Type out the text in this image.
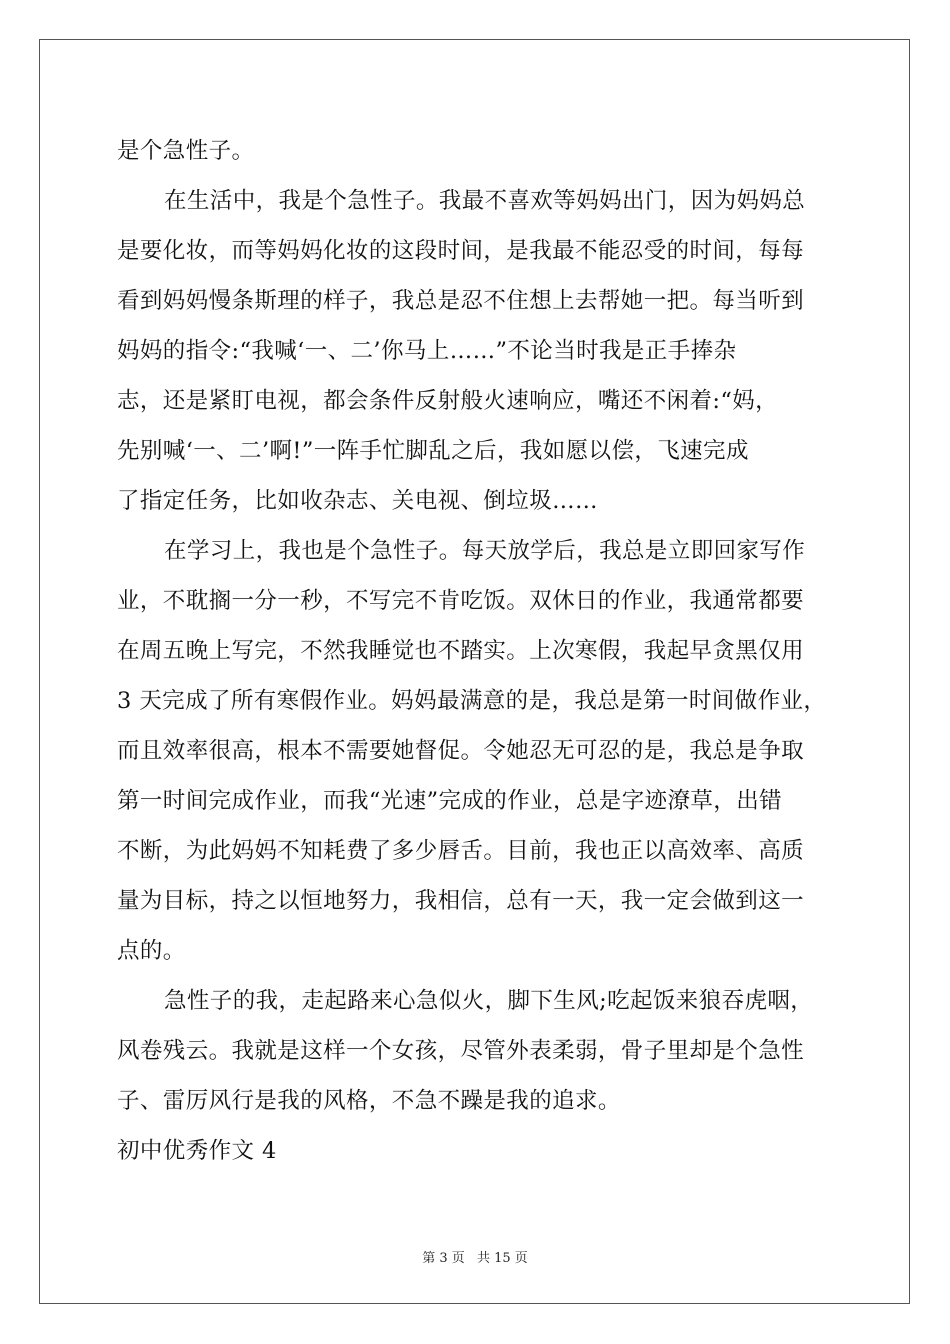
是个急性子。
在生活中，我是个急性子。我最不喜欢等妈妈出门，因为妈妈总
是要化妆，而等妈妈化妆的这段时间，是我最不能忍受的时间，每每
看到妈妈慢条斯理的样子，我总是忍不住想上去帮她一把。每当听到
妈妈的指令:“我喊‘一、二’你马上……”不论当时我是正手捧杂
志，还是紧盯电视，都会条件反射般火速响应，嘴还不闲着:“妈，
先别喊‘一、二’啊!”一阵手忙脚乱之后，我如愿以偿，飞速完成
了指定任务，比如收杂志、关电视、倒垃圾……
在学习上，我也是个急性子。每天放学后，我总是立即回家写作
业，不耽搁一分一秒，不写完不肯吃饭。双休日的作业，我通常都要
在周五晚上写完，不然我睡觉也不踏实。上次寒假，我起早贪黑仅用
3 天完成了所有寒假作业。妈妈最满意的是，我总是第一时间做作业，
而且效率很高，根本不需要她督促。令她忍无可忍的是，我总是争取
第一时间完成作业，而我“光速”完成的作业，总是字迹潦草，出错
不断，为此妈妈不知耗费了多少唇舌。目前，我也正以高效率、高质
量为目标，持之以恒地努力，我相信，总有一天，我一定会做到这一
点的。
急性子的我，走起路来心急似火，脚下生风;吃起饭来狼吞虎咽，
风卷残云。我就是这样一个女孩，尽管外表柔弱，骨子里却是个急性
子、雷厉风行是我的风格，不急不躁是我的追求。
初中优秀作文 4
第 3 页 共 15 页
